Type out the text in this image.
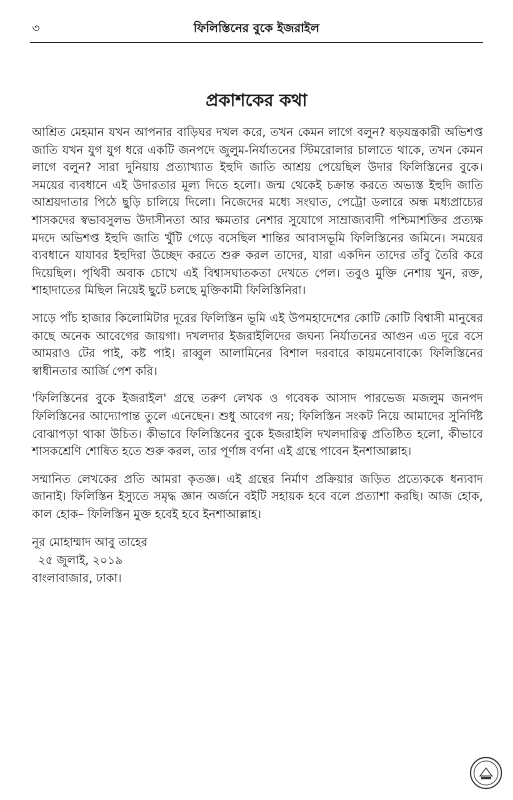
৩	ফিলিস্তিনের বুকে ইজরাইল
প্রকাশকের কথা

আশ্রিত মেহমান যখন আপনার বাড়িঘর দখল করে, তখন কেমন লাগে বলুন? ষড়যন্ত্রকারী অভিশপ্ত জাতি যখন যুগ যুগ ধরে একটি জনপদে জুলুম-নির্যাতনের স্টিমরোলার চালাতে থাকে, তখন কেমন লাগে বলুন? সারা দুনিয়ায় প্রত্যাখ্যাত ইহুদি জাতি আশ্রয় পেয়েছিল উদার ফিলিস্তিনের বুকে। সময়ের ব্যবধানে এই উদারতার মূল্য দিতে হলো। জন্ম থেকেই চক্রান্ত করতে অভ্যস্ত ইহুদি জাতি আশ্রয়দাতার পিঠে ছুড়ি চালিয়ে দিলো। নিজেদের মধ্যে সংঘাত, পেট্রো ডলারে অন্ধ মধ্যপ্রাচ্যের শাসকদের স্বভাবসুলভ উদাসীনতা আর ক্ষমতার নেশার সুযোগে সাম্রাজ্যবাদী পশ্চিমাশক্তির প্রত্যক্ষ মদদে অভিশপ্ত ইহুদি জাতি খুঁটি গেড়ে বসেছিল শান্তির আবাসভূমি ফিলিস্তিনের জমিনে। সময়ের ব্যবধানে যাযাবর ইহুদিরা উচ্ছেদ করতে শুরু করল তাদের, যারা একদিন তাদের তাঁবু তৈরি করে দিয়েছিল। পৃথিবী অবাক চোখে এই বিশ্বাসঘাতকতা দেখতে পেল। তবুও মুক্তি নেশায় খুন, রক্ত, শাহাদাতের মিছিল নিয়েই ছুটে চলছে মুক্তিকামী ফিলিস্তিনিরা।

সাড়ে পাঁচ হাজার কিলোমিটার দূরের ফিলিস্তিন ভূমি এই উপমহাদেশের কোটি কোটি বিশ্বাসী মানুষের কাছে অনেক আবেগের জায়গা। দখলদার ইজরাইলিদের জঘন্য নির্যাতনের আগুন এত দূরে বসে আমরাও টের পাই, কষ্ট পাই। রাব্বুল আলামিনের বিশাল দরবারে কায়মনোবাক্যে ফিলিস্তিনের স্বাধীনতার আর্জি পেশ করি।

'ফিলিস্তিনের বুকে ইজরাইল' গ্রন্থে তরুণ লেখক ও গবেষক আসাদ পারভেজ মজলুম জনপদ ফিলিস্তিনের আদ্যোপান্ত তুলে এনেছেন। শুধু আবেগ নয়; ফিলিস্তিন সংকট নিয়ে আমাদের সুনির্দিষ্ট বোঝাপড়া থাকা উচিত। কীভাবে ফিলিস্তিনের বুকে ইজরাইলি দখলদারিত্ব প্রতিষ্ঠিত হলো, কীভাবে শাসকশ্রেণি শোষিত হতে শুরু করল, তার পূর্ণাঙ্গ বর্ণনা এই গ্রন্থে পাবেন ইনশাআল্লাহ।

সম্মানিত লেখকের প্রতি আমরা কৃতজ্ঞ। এই গ্রন্থের নির্মাণ প্রক্রিয়ার জড়িত প্রত্যেককে ধন্যবাদ জানাই। ফিলিস্তিন ইস্যুতে সমৃদ্ধ জ্ঞান অর্জনে বইটি সহায়ক হবে বলে প্রত্যাশা করছি। আজ হোক, কাল হোক– ফিলিস্তিন মুক্ত হবেই হবে ইনশাআল্লাহ।

নূর মোহাম্মাদ আবু তাহের
২৫ জুলাই, ২০১৯
বাংলাবাজার, ঢাকা।
